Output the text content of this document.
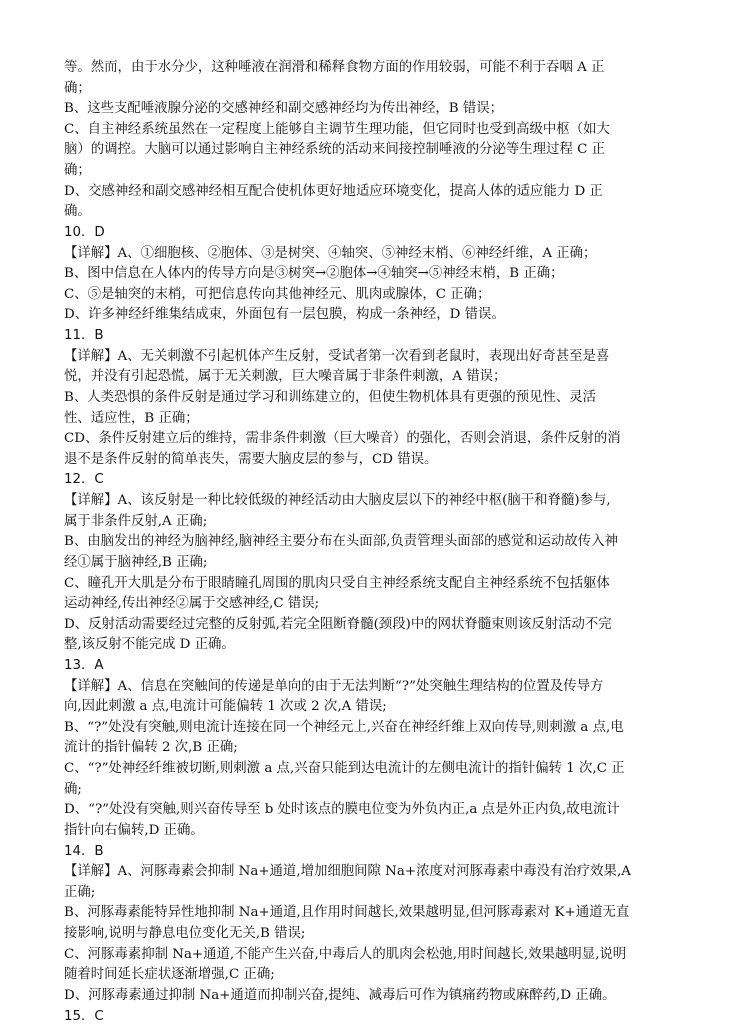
等。然而，由于水分少，这种唾液在润滑和稀释食物方面的作用较弱，可能不利于吞咽 A 正
确；
B、这些支配唾液腺分泌的交感神经和副交感神经均为传出神经，B 错误；
C、自主神经系统虽然在一定程度上能够自主调节生理功能，但它同时也受到高级中枢（如大
脑）的调控。大脑可以通过影响自主神经系统的活动来间接控制唾液的分泌等生理过程 C 正
确；
D、交感神经和副交感神经相互配合使机体更好地适应环境变化，提高人体的适应能力 D 正
确。
10．D
【详解】A、①细胞核、②胞体、③是树突、④轴突、⑤神经末梢、⑥神经纤维，A 正确；
B、图中信息在人体内的传导方向是③树突→②胞体→④轴突→⑤神经末梢，B 正确；
C、⑤是轴突的末梢，可把信息传向其他神经元、肌肉或腺体，C 正确；
D、许多神经纤维集结成束，外面包有一层包膜，构成一条神经，D 错误。
11．B
【详解】A、无关刺激不引起机体产生反射，受试者第一次看到老鼠时，表现出好奇甚至是喜
悦，并没有引起恐慌，属于无关刺激，巨大噪音属于非条件刺激，A 错误；
B、人类恐惧的条件反射是通过学习和训练建立的，但使生物机体具有更强的预见性、灵活
性、适应性，B 正确；
CD、条件反射建立后的维持，需非条件刺激（巨大噪音）的强化，否则会消退，条件反射的消
退不是条件反射的简单丧失，需要大脑皮层的参与，CD 错误。
12．C
【详解】A、该反射是一种比较低级的神经活动由大脑皮层以下的神经中枢(脑干和脊髓)参与,
属于非条件反射,A 正确;
B、由脑发出的神经为脑神经,脑神经主要分布在头面部,负责管理头面部的感觉和运动故传入神
经①属于脑神经,B 正确;
C、瞳孔开大肌是分布于眼睛瞳孔周围的肌肉只受自主神经系统支配自主神经系统不包括躯体
运动神经,传出神经②属于交感神经,C 错误;
D、反射活动需要经过完整的反射弧,若完全阻断脊髓(颈段)中的网状脊髓束则该反射活动不完
整,该反射不能完成 D 正确。
13．A
【详解】A、信息在突触间的传递是单向的由于无法判断“?”处突触生理结构的位置及传导方
向,因此刺激 a 点,电流计可能偏转 1 次或 2 次,A 错误;
B、“?”处没有突触,则电流计连接在同一个神经元上,兴奋在神经纤维上双向传导,则刺激 a 点,电
流计的指针偏转 2 次,B 正确;
C、“?”处神经纤维被切断,则刺激 a 点,兴奋只能到达电流计的左侧电流计的指针偏转 1 次,C 正
确;
D、“?”处没有突触,则兴奋传导至 b 处时该点的膜电位变为外负内正,a 点是外正内负,故电流计
指针向右偏转,D 正确。
14．B
【详解】A、河豚毒素会抑制 Na+通道,增加细胞间隙 Na+浓度对河豚毒素中毒没有治疗效果,A
正确;
B、河豚毒素能特异性地抑制 Na+通道,且作用时间越长,效果越明显,但河豚毒素对 K+通道无直
接影响,说明与静息电位变化无关,B 错误;
C、河豚毒素抑制 Na+通道,不能产生兴奋,中毒后人的肌肉会松弛,用时间越长,效果越明显,说明
随着时间延长症状逐渐增强,C 正确;
D、河豚毒素通过抑制 Na+通道而抑制兴奋,提纯、减毒后可作为镇痛药物或麻醉药,D 正确。
15．C
